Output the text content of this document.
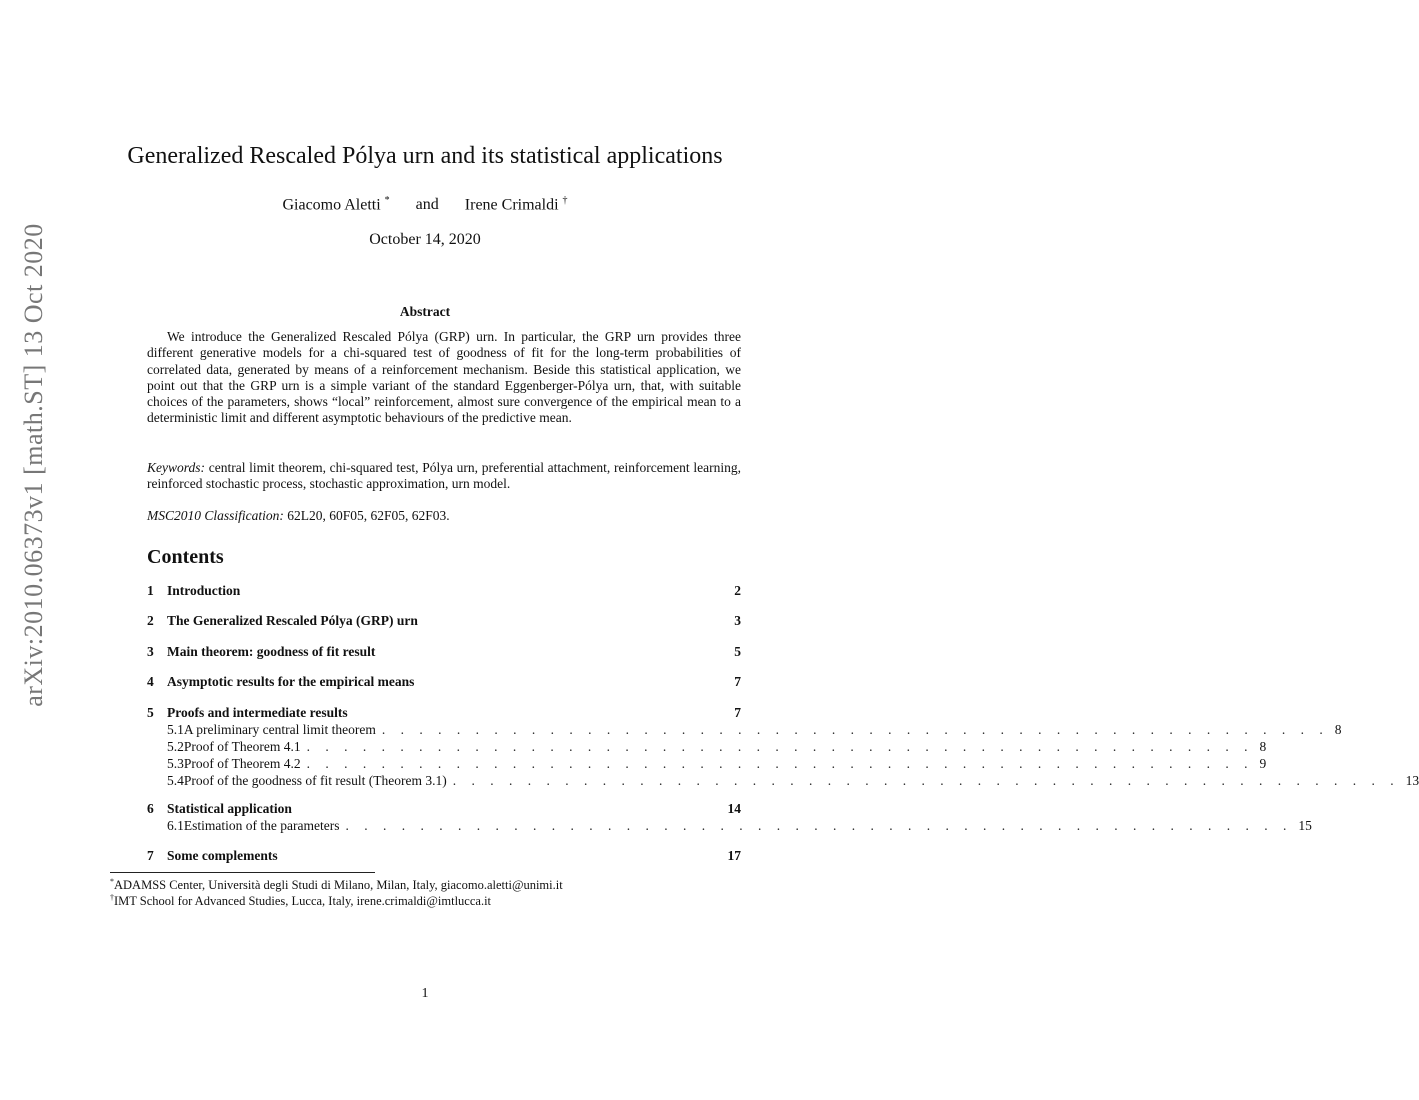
arXiv:2010.06373v1 [math.ST] 13 Oct 2020
Generalized Rescaled Pólya urn and its statistical applications
Giacomo Aletti * and Irene Crimaldi †
October 14, 2020
Abstract

We introduce the Generalized Rescaled Pólya (GRP) urn. In particular, the GRP urn provides three different generative models for a chi-squared test of goodness of fit for the long-term probabilities of correlated data, generated by means of a reinforcement mechanism. Beside this statistical application, we point out that the GRP urn is a simple variant of the standard Eggenberger-Pólya urn, that, with suitable choices of the parameters, shows “local” reinforcement, almost sure convergence of the empirical mean to a deterministic limit and different asymptotic behaviours of the predictive mean.

Keywords: central limit theorem, chi-squared test, Pólya urn, preferential attachment, reinforcement learning, reinforced stochastic process, stochastic approximation, urn model.

MSC2010 Classification: 62L20, 60F05, 62F05, 62F03.

Contents
1 Introduction	2
2 The Generalized Rescaled Pólya (GRP) urn	3
3 Main theorem: goodness of fit result	5
4 Asymptotic results for the empirical means	7
5 Proofs and intermediate results	7
5.1 A preliminary central limit theorem . . . . . . . . . . . . . . . . . . . . . . . . . . . . . . . . . . . . . . . . . . . . . . . . . . . 8
5.2 Proof of Theorem 4.1 . . . . . . . . . . . . . . . . . . . . . . . . . . . . . . . . . . . . . . . . . . . . . . . . . . . 8
5.3 Proof of Theorem 4.2 . . . . . . . . . . . . . . . . . . . . . . . . . . . . . . . . . . . . . . . . . . . . . . . . . . . 9
5.4 Proof of the goodness of fit result (Theorem 3.1) . . . . . . . . . . . . . . . . . . . . . . . . . . . . . . . . . . . . . . . . . . . . . . . . . . . 13
6 Statistical application	14
6.1 Estimation of the parameters . . . . . . . . . . . . . . . . . . . . . . . . . . . . . . . . . . . . . . . . . . . . . . . . . . . 15
7 Some complements	17
*ADAMSS Center, Università degli Studi di Milano, Milan, Italy, giacomo.aletti@unimi.it
†IMT School for Advanced Studies, Lucca, Italy, irene.crimaldi@imtlucca.it
1
